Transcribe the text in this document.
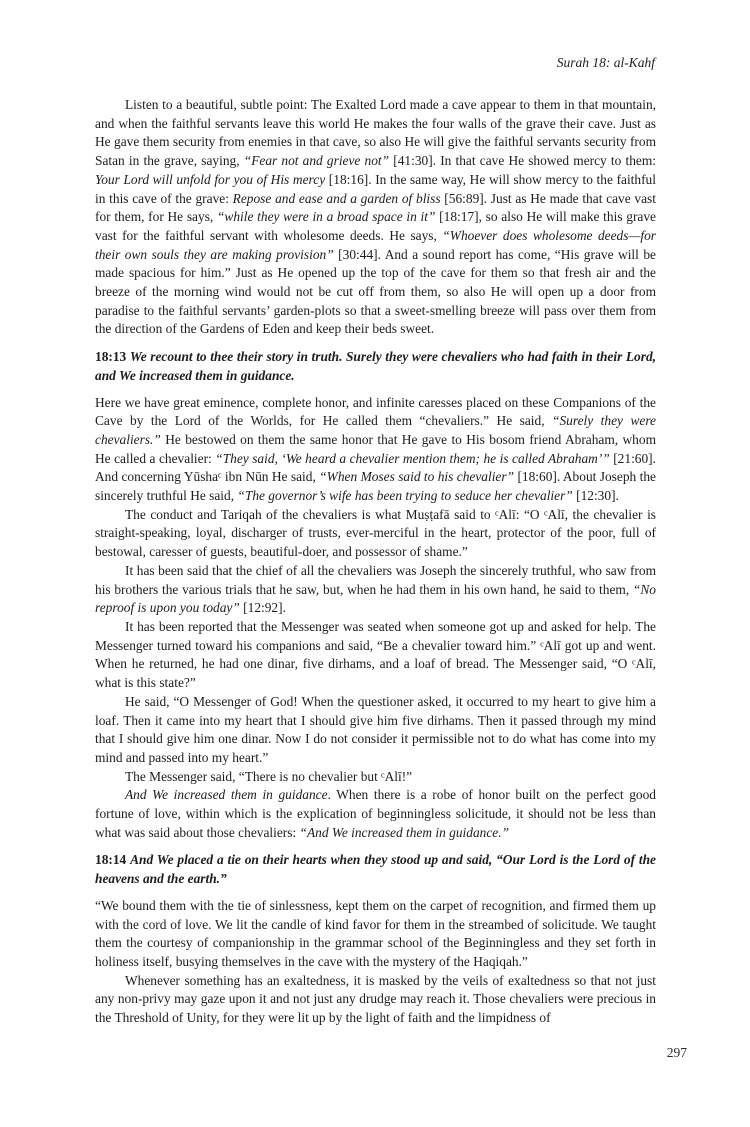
Surah 18: al-Kahf

Listen to a beautiful, subtle point: The Exalted Lord made a cave appear to them in that mountain, and when the faithful servants leave this world He makes the four walls of the grave their cave. Just as He gave them security from enemies in that cave, so also He will give the faithful servants security from Satan in the grave, saying, “Fear not and grieve not” [41:30]. In that cave He showed mercy to them: Your Lord will unfold for you of His mercy [18:16]. In the same way, He will show mercy to the faithful in this cave of the grave: Repose and ease and a garden of bliss [56:89]. Just as He made that cave vast for them, for He says, “while they were in a broad space in it” [18:17], so also He will make this grave vast for the faithful servant with wholesome deeds. He says, “Whoever does wholesome deeds—for their own souls they are making provision” [30:44]. And a sound report has come, “His grave will be made spacious for him.” Just as He opened up the top of the cave for them so that fresh air and the breeze of the morning wind would not be cut off from them, so also He will open up a door from paradise to the faithful servants’ garden-plots so that a sweet-smelling breeze will pass over them from the direction of the Gardens of Eden and keep their beds sweet.

18:13 We recount to thee their story in truth. Surely they were chevaliers who had faith in their Lord, and We increased them in guidance.

Here we have great eminence, complete honor, and infinite caresses placed on these Companions of the Cave by the Lord of the Worlds, for He called them “chevaliers.” He said, “Surely they were chevaliers.” He bestowed on them the same honor that He gave to His bosom friend Abraham, whom He called a chevalier: “They said, ‘We heard a chevalier mention them; he is called Abraham’” [21:60]. And concerning Yūshaᶜ ibn Nūn He said, “When Moses said to his chevalier” [18:60]. About Joseph the sincerely truthful He said, “The governor’s wife has been trying to seduce her chevalier” [12:30].

The conduct and Tariqah of the chevaliers is what Muṣṭafā said to ᶜAlī: “O ᶜAlī, the chevalier is straight-speaking, loyal, discharger of trusts, ever-merciful in the heart, protector of the poor, full of bestowal, caresser of guests, beautiful-doer, and possessor of shame.”

It has been said that the chief of all the chevaliers was Joseph the sincerely truthful, who saw from his brothers the various trials that he saw, but, when he had them in his own hand, he said to them, “No reproof is upon you today” [12:92].

It has been reported that the Messenger was seated when someone got up and asked for help. The Messenger turned toward his companions and said, “Be a chevalier toward him.” ᶜAlī got up and went. When he returned, he had one dinar, five dirhams, and a loaf of bread. The Messenger said, “O ᶜAlī, what is this state?”

He said, “O Messenger of God! When the questioner asked, it occurred to my heart to give him a loaf. Then it came into my heart that I should give him five dirhams. Then it passed through my mind that I should give him one dinar. Now I do not consider it permissible not to do what has come into my mind and passed into my heart.”

The Messenger said, “There is no chevalier but ᶜAlī!”

And We increased them in guidance. When there is a robe of honor built on the perfect good fortune of love, within which is the explication of beginningless solicitude, it should not be less than what was said about those chevaliers: “And We increased them in guidance.”

18:14 And We placed a tie on their hearts when they stood up and said, “Our Lord is the Lord of the heavens and the earth.”

“We bound them with the tie of sinlessness, kept them on the carpet of recognition, and firmed them up with the cord of love. We lit the candle of kind favor for them in the streambed of solicitude. We taught them the courtesy of companionship in the grammar school of the Beginningless and they set forth in holiness itself, busying themselves in the cave with the mystery of the Haqiqah.”

Whenever something has an exaltedness, it is masked by the veils of exaltedness so that not just any non-privy may gaze upon it and not just any drudge may reach it. Those chevaliers were precious in the Threshold of Unity, for they were lit up by the light of faith and the limpidness of

297
